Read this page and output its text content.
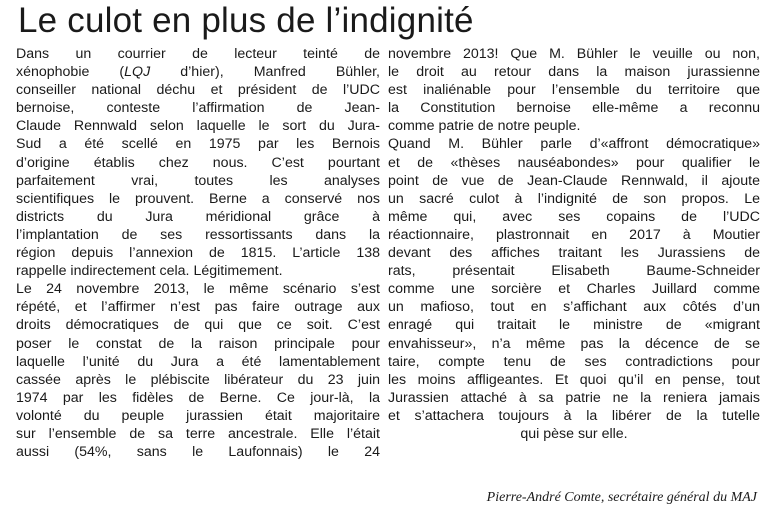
Le culot en plus de l’indignité
Dans un courrier de lecteur teinté de
xénophobie (LQJ d’hier), Manfred Bühler,
conseiller national déchu et président de l’UDC
bernoise, conteste l’affirmation de Jean-
Claude Rennwald selon laquelle le sort du Jura-
Sud a été scellé en 1975 par les Bernois
d’origine établis chez nous. C’est pourtant
parfaitement vrai, toutes les analyses
scientifiques le prouvent. Berne a conservé nos
districts du Jura méridional grâce à
l’implantation de ses ressortissants dans la
région depuis l’annexion de 1815. L’article 138
rappelle indirectement cela. Légitimement.
Le 24 novembre 2013, le même scénario s’est
répété, et l’affirmer n’est pas faire outrage aux
droits démocratiques de qui que ce soit. C’est
poser le constat de la raison principale pour
laquelle l’unité du Jura a été lamentablement
cassée après le plébiscite libérateur du 23 juin
1974 par les fidèles de Berne. Ce jour-là, la
volonté du peuple jurassien était majoritaire
sur l’ensemble de sa terre ancestrale. Elle l’était
aussi (54%, sans le Laufonnais) le 24
novembre 2013! Que M. Bühler le veuille ou non,
le droit au retour dans la maison jurassienne
est inaliénable pour l’ensemble du territoire que
la Constitution bernoise elle-même a reconnu
comme patrie de notre peuple.
Quand M. Bühler parle d’«affront démocratique»
et de «thèses nauséabondes» pour qualifier le
point de vue de Jean-Claude Rennwald, il ajoute
un sacré culot à l’indignité de son propos. Le
même qui, avec ses copains de l’UDC
réactionnaire, plastronnait en 2017 à Moutier
devant des affiches traitant les Jurassiens de
rats, présentait Elisabeth Baume-Schneider
comme une sorcière et Charles Juillard comme
un mafioso, tout en s’affichant aux côtés d’un
enragé qui traitait le ministre de «migrant
envahisseur», n’a même pas la décence de se
taire, compte tenu de ses contradictions pour
les moins affligeantes. Et quoi qu’il en pense, tout
Jurassien attaché à sa patrie ne la reniera jamais
et s’attachera toujours à la libérer de la tutelle
qui pèse sur elle.
Pierre-André Comte, secrétaire général du MAJ
